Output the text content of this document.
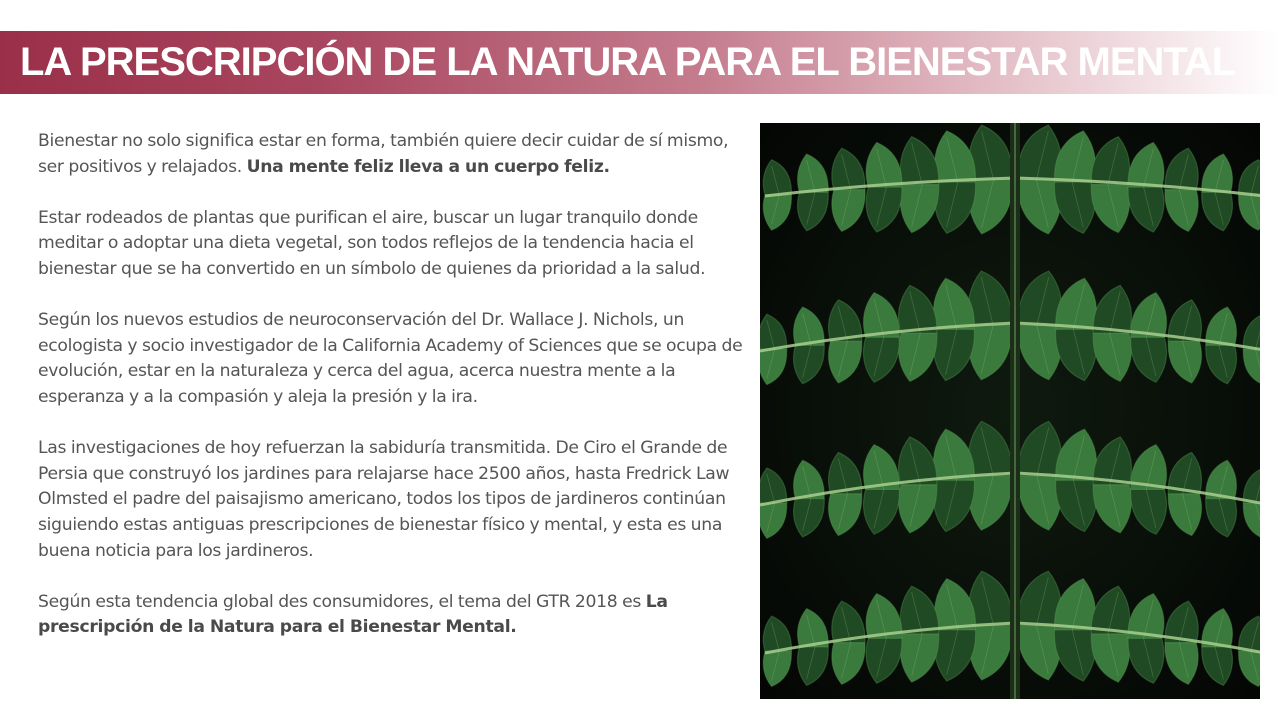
LA PRESCRIPCIÓN DE LA NATURA PARA EL BIENESTAR MENTAL

Bienestar no solo significa estar en forma, también quiere decir cuidar de sí mismo, ser positivos y relajados. Una mente feliz lleva a un cuerpo feliz.

Estar rodeados de plantas que purifican el aire, buscar un lugar tranquilo donde meditar o adoptar una dieta vegetal, son todos reflejos de la tendencia hacia el bienestar que se ha convertido en un símbolo de quienes da prioridad a la salud.

Según los nuevos estudios de neuroconservación del Dr. Wallace J. Nichols, un ecologista y socio investigador de la California Academy of Sciences que se ocupa de evolución, estar en la naturaleza y cerca del agua, acerca nuestra mente a la esperanza y a la compasión y aleja la presión y la ira.

Las investigaciones de hoy refuerzan la sabiduría transmitida. De Ciro el Grande de Persia que construyó los jardines para relajarse hace 2500 años, hasta Fredrick Law Olmsted el padre del paisajismo americano, todos los tipos de jardineros continúan siguiendo estas antiguas prescripciones de bienestar físico y mental, y esta es una buena noticia para los jardineros.

Según esta tendencia global des consumidores, el tema del GTR 2018 es La prescripción de la Natura para el Bienestar Mental.
